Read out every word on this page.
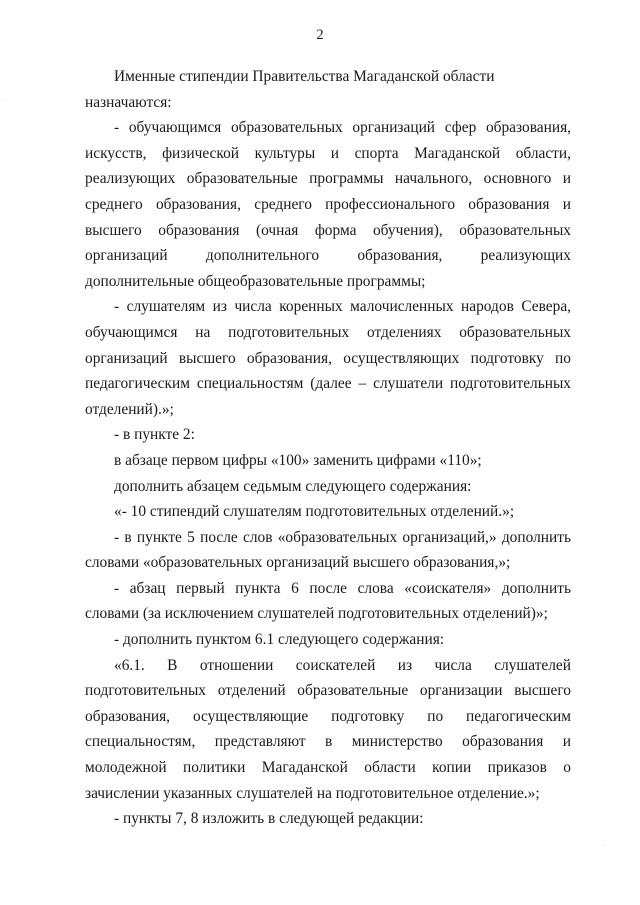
2

Именные стипендии Правительства Магаданской области назначаются:

- обучающимся образовательных организаций сфер образования, искусств, физической культуры и спорта Магаданской области, реализующих образовательные программы начального, основного и среднего образования, среднего профессионального образования и высшего образования (очная форма обучения), образовательных организаций дополнительного образования, реализующих дополнительные общеобразовательные программы;

- слушателям из числа коренных малочисленных народов Севера, обучающимся на подготовительных отделениях образовательных организаций высшего образования, осуществляющих подготовку по педагогическим специальностям (далее – слушатели подготовительных отделений).»;

- в пункте 2:

в абзаце первом цифры «100» заменить цифрами «110»;

дополнить абзацем седьмым следующего содержания:

«- 10 стипендий слушателям подготовительных отделений.»;

- в пункте 5 после слов «образовательных организаций,» дополнить словами «образовательных организаций высшего образования,»;

- абзац первый пункта 6 после слова «соискателя» дополнить словами (за исключением слушателей подготовительных отделений)»;

- дополнить пунктом 6.1 следующего содержания:

«6.1. В отношении соискателей из числа слушателей подготовительных отделений образовательные организации высшего образования, осуществляющие подготовку по педагогическим специальностям, представляют в министерство образования и молодежной политики Магаданской области копии приказов о зачислении указанных слушателей на подготовительное отделение.»;

- пункты 7, 8 изложить в следующей редакции:

·
·
